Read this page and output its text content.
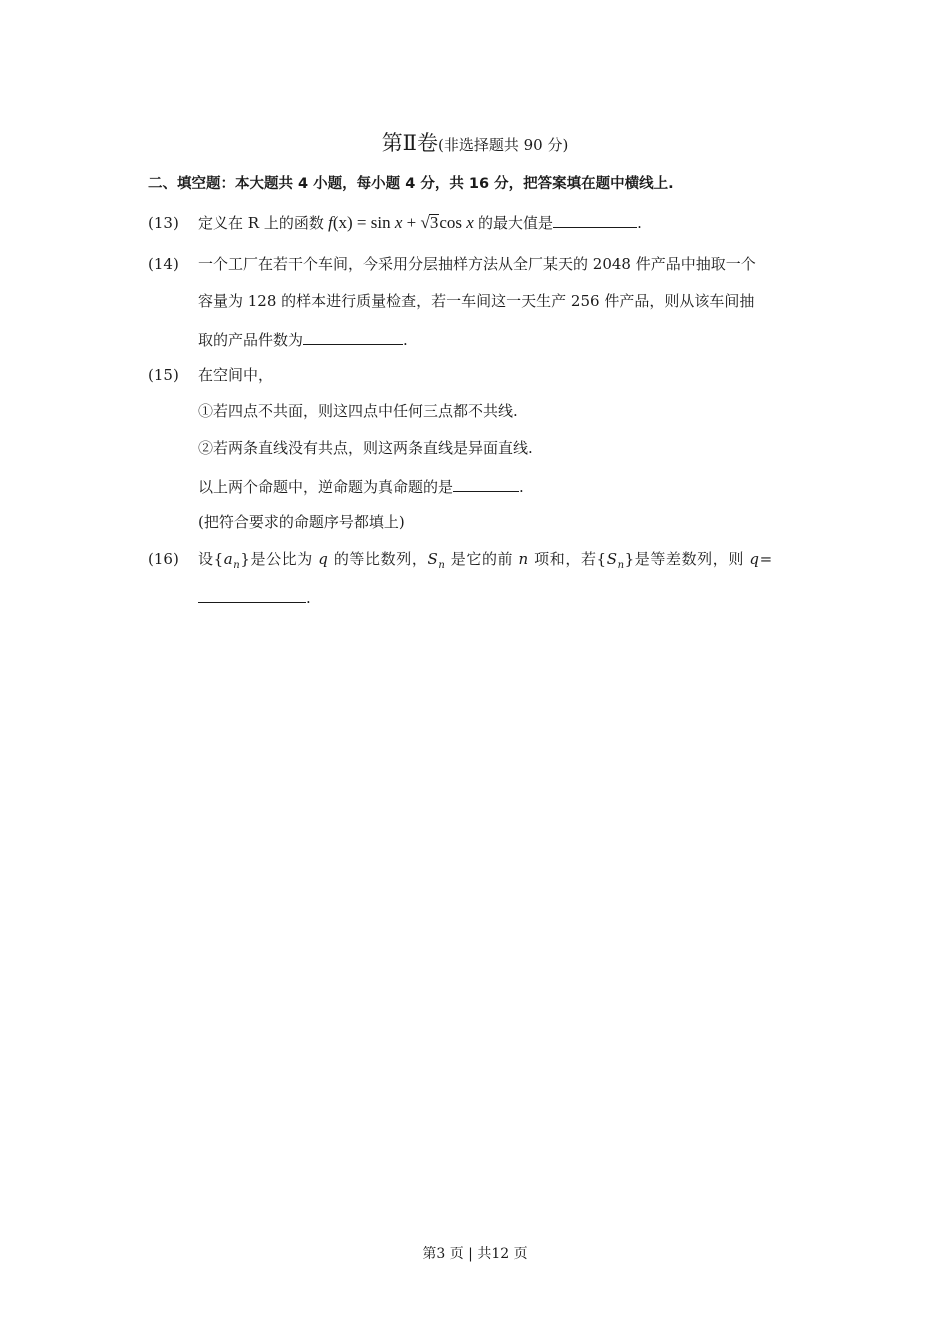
第Ⅱ卷(非选择题共 90 分)
二、填空题：本大题共 4 小题，每小题 4 分，共 16 分，把答案填在题中横线上.
(13) 定义在 R 上的函数 f(x) = sin x + √3cos x 的最大值是	.
(14) 一个工厂在若干个车间，今采用分层抽样方法从全厂某天的 2048 件产品中抽取一个
容量为 128 的样本进行质量检查，若一车间这一天生产 256 件产品，则从该车间抽
取的产品件数为	.
(15) 在空间中，
①若四点不共面，则这四点中任何三点都不共线.
②若两条直线没有共点，则这两条直线是异面直线.
以上两个命题中，逆命题为真命题的是	.
(把符合要求的命题序号都填上)
(16) 设$\{a_n\}$是公比为 q 的等比数列，$S_n$ 是它的前 n 项和，若$\{S_n\}$是等差数列，则 q=
.
第3 页 | 共12 页
